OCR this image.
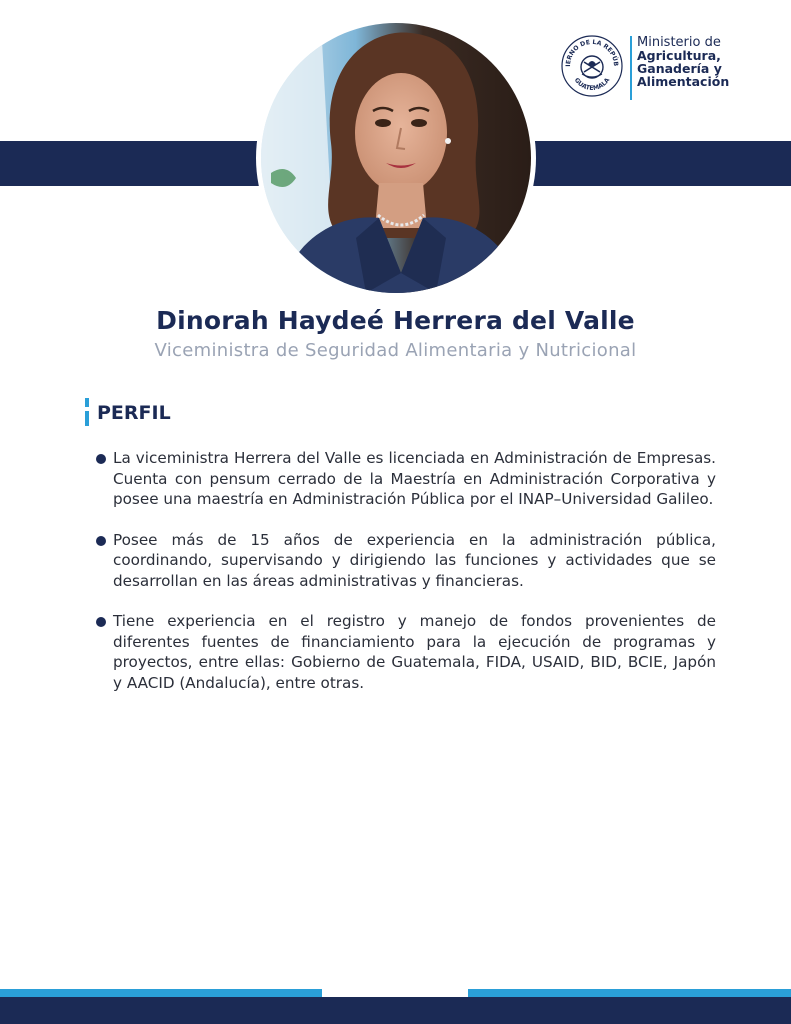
IERNO DE LA REPÚB
GUATEMALA
Ministerio de
Agricultura,
Ganadería y
Alimentación
Dinorah Haydeé Herrera del Valle
Viceministra de Seguridad Alimentaria y Nutricional
PERFIL
La viceministra Herrera del Valle es licenciada en Administración de Empresas. Cuenta con pensum cerrado de la Maestría en Administración Corporativa y posee una maestría en Administración Pública por el INAP–Universidad Galileo.
Posee más de 15 años de experiencia en la administración pública, coordinando, supervisando y dirigiendo las funciones y actividades que se desarrollan en las áreas administrativas y financieras.
Tiene experiencia en el registro y manejo de fondos provenientes de diferentes fuentes de financiamiento para la ejecución de programas y proyectos, entre ellas: Gobierno de Guatemala, FIDA, USAID, BID, BCIE, Japón y AACID (Andalucía), entre otras.
